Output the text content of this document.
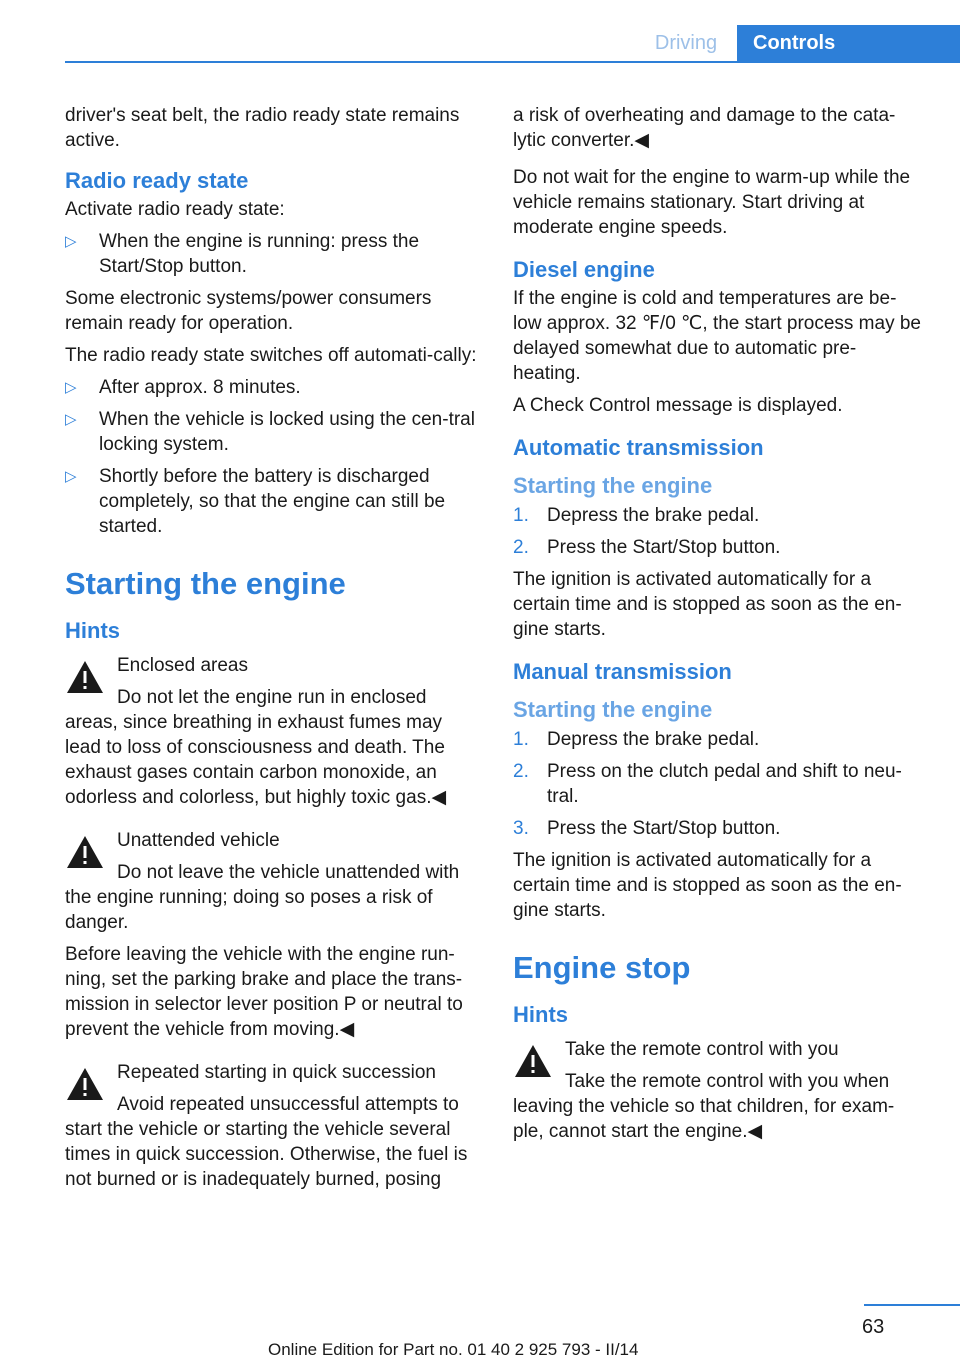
Driving	Controls

driver's seat belt, the radio ready state remains active.

Radio ready state

Activate radio ready state:

▷ When the engine is running: press the Start/Stop button.

Some electronic systems/power consumers remain ready for operation.

The radio ready state switches off automati-cally:

▷ After approx. 8 minutes.
▷ When the vehicle is locked using the cen-tral locking system.
▷ Shortly before the battery is discharged completely, so that the engine can still be started.
Starting the engine
Hints
Enclosed areas

Do not let the engine run in enclosed areas, since breathing in exhaust fumes may lead to loss of consciousness and death. The exhaust gases contain carbon monoxide, an odorless and colorless, but highly toxic gas.◀

Unattended vehicle

Do not leave the vehicle unattended with the engine running; doing so poses a risk of danger.

Before leaving the vehicle with the engine run-ning, set the parking brake and place the trans-mission in selector lever position P or neutral to prevent the vehicle from moving.◀

Repeated starting in quick succession

Avoid repeated unsuccessful attempts to start the vehicle or starting the vehicle several times in quick succession. Otherwise, the fuel is not burned or is inadequately burned, posing

a risk of overheating and damage to the cata-lytic converter.◀

Do not wait for the engine to warm-up while the vehicle remains stationary. Start driving at moderate engine speeds.

Diesel engine

If the engine is cold and temperatures are be-low approx. 32 ℉/0 ℃, the start process may be delayed somewhat due to automatic pre-heating.

A Check Control message is displayed.

Automatic transmission
Starting the engine
1. Depress the brake pedal.
2. Press the Start/Stop button.

The ignition is activated automatically for a certain time and is stopped as soon as the en-gine starts.

Manual transmission
Starting the engine
1. Depress the brake pedal.
2. Press on the clutch pedal and shift to neu-tral.
3. Press the Start/Stop button.

The ignition is activated automatically for a certain time and is stopped as soon as the en-gine starts.

Engine stop
Hints
Take the remote control with you

Take the remote control with you when leaving the vehicle so that children, for exam-ple, cannot start the engine.◀

63
Online Edition for Part no. 01 40 2 925 793 - II/14
